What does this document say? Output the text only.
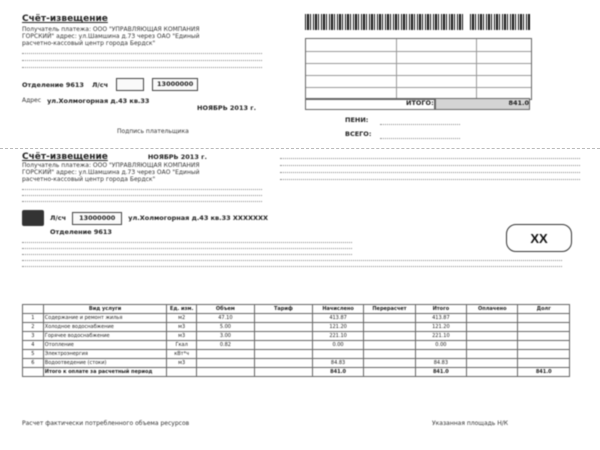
Счёт-извещение
Получатель платежа: ООО "УПРАВЛЯЮЩАЯ КОМПАНИЯ
ГОРСКИЙ" адрес: ул.Шамшина д.73 через ОАО "Единый
расчетно-кассовый центр города Бердск"
Отделение 9613 Л/сч	13000000
Адрес ул.Холмогорная д.43 кв.33
НОЯБРЬ 2013 г.
Подпись плательщика
ИТОГО:	841.0
ПЕНИ:
ВСЕГО:
Счёт-извещение	НОЯБРЬ 2013 г.
Получатель платежа: ООО "УПРАВЛЯЮЩАЯ КОМПАНИЯ
ГОРСКИЙ" адрес: ул.Шамшина д.73 через ОАО "Единый
расчетно-кассовый центр города Бердск"
Л/сч	13000000	ул.Холмогорная д.43 кв.33 ХХХХХХХ
Отделение 9613	XX
	Вид услуги	Ед. изм.	Объем	Тариф	Начислено	Перерасчет	Итого	Оплачено	Долг
1	Содержание и ремонт жилья	м2	47.10		413.87		413.87		
2	Холодное водоснабжение	м3	5.00		121.20		121.20		
3	Горячее водоснабжение	м3	3.00		221.10		221.10		
4	Отопление	Гкал	0.82		0.00		0.00		
5	Электроэнергия	кВт*ч							
6	Водоотведение (стоки)	м3			84.83		84.83		
	Итого к оплате за расчетный период				841.0		841.0		841.0
Расчет фактически потребленного объема ресурсов	Указанная площадь Н/К
